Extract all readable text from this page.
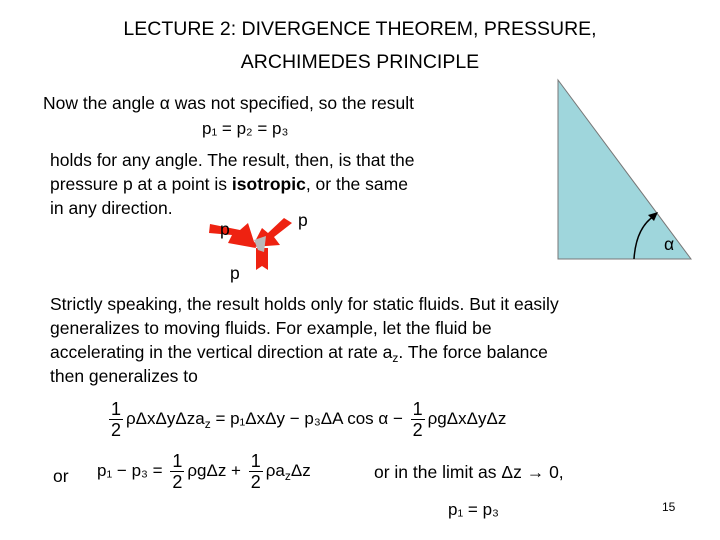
LECTURE 2: DIVERGENCE THEOREM, PRESSURE,
ARCHIMEDES PRINCIPLE
Now the angle α was not specified, so the result
p₁ = p₂ = p₃
holds for any angle. The result, then, is that the
pressure p at a point is isotropic, or the same
in any direction.
p	p
p
α
Strictly speaking, the result holds only for static fluids. But it easily
generalizes to moving fluids. For example, let the fluid be
accelerating in the vertical direction at rate $a_z$. The force balance
then generalizes to
$\frac{1}{2} \rho\Delta x\Delta y\Delta za_z = p_1\Delta x\Delta y - p_3\Delta A$ $\cos \alpha - \frac{1}{2}$ ρgΔxΔyΔz
or $p_1 - p_3 = \frac{1}{2}$ $\rho g\Delta z + \frac{1}{2} \rho a_z\Delta z$	or in the limit as Δz → 0,
p₁ = p₃	15
